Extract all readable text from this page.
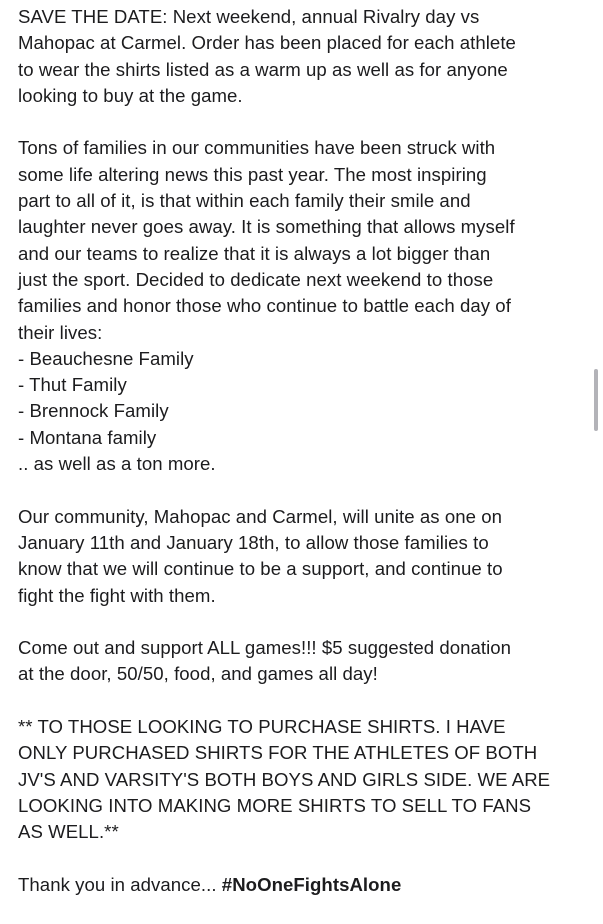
SAVE THE DATE: Next weekend, annual Rivalry day vs
Mahopac at Carmel. Order has been placed for each athlete
to wear the shirts listed as a warm up as well as for anyone
looking to buy at the game.

Tons of families in our communities have been struck with
some life altering news this past year. The most inspiring
part to all of it, is that within each family their smile and
laughter never goes away. It is something that allows myself
and our teams to realize that it is always a lot bigger than
just the sport. Decided to dedicate next weekend to those
families and honor those who continue to battle each day of
their lives:
- Beauchesne Family
- Thut Family
- Brennock Family
- Montana family
.. as well as a ton more.

Our community, Mahopac and Carmel, will unite as one on
January 11th and January 18th, to allow those families to
know that we will continue to be a support, and continue to
fight the fight with them.

Come out and support ALL games!!! $5 suggested donation
at the door, 50/50, food, and games all day!

** TO THOSE LOOKING TO PURCHASE SHIRTS. I HAVE
ONLY PURCHASED SHIRTS FOR THE ATHLETES OF BOTH
JV'S AND VARSITY'S BOTH BOYS AND GIRLS SIDE. WE ARE
LOOKING INTO MAKING MORE SHIRTS TO SELL TO FANS
AS WELL.**

Thank you in advance... #NoOneFightsAlone
